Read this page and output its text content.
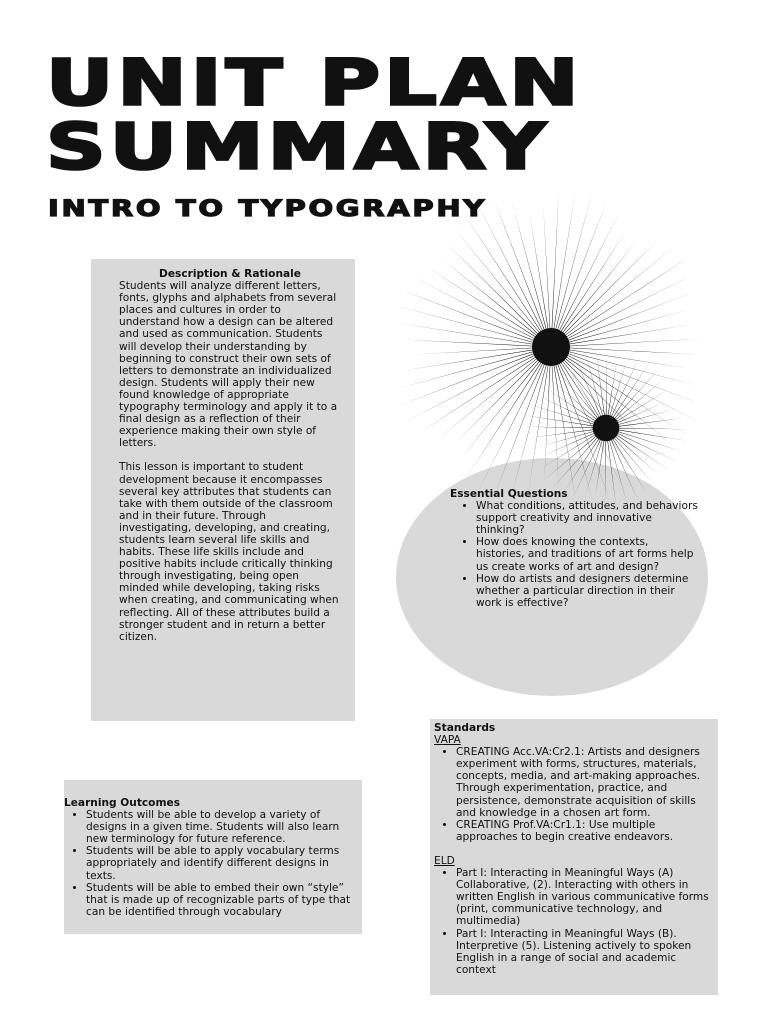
UNIT PLAN
SUMMARY
INTRO TO TYPOGRAPHY
Description & Rationale

Students will analyze different letters, fonts, glyphs and alphabets from several places and cultures in order to understand how a design can be altered and used as communication. Students will develop their understanding by beginning to construct their own sets of letters to demonstrate an individualized design. Students will apply their new found knowledge of appropriate typography terminology and apply it to a final design as a reflection of their experience making their own style of letters.

This lesson is important to student development because it encompasses several key attributes that students can take with them outside of the classroom and in their future. Through investigating, developing, and creating, students learn several life skills and habits. These life skills include and positive habits include critically thinking through investigating, being open minded while developing, taking risks when creating, and communicating when reflecting. All of these attributes build a stronger student and in return a better citizen.

Essential Questions
• What conditions, attitudes, and behaviors support creativity and innovative thinking?
• How does knowing the contexts, histories, and traditions of art forms help us create works of art and design?
• How do artists and designers determine whether a particular direction in their work is effective?
Learning Outcomes
• Students will be able to develop a variety of designs in a given time. Students will also learn new terminology for future reference.
• Students will be able to apply vocabulary terms appropriately and identify different designs in texts.
• Students will be able to embed their own “style” that is made up of recognizable parts of type that can be identified through vocabulary
Standards
VAPA
• CREATING Acc.VA:Cr2.1: Artists and designers experiment with forms, structures, materials, concepts, media, and art-making approaches. Through experimentation, practice, and persistence, demonstrate acquisition of skills and knowledge in a chosen art form.
• CREATING Prof.VA:Cr1.1: Use multiple approaches to begin creative endeavors.
ELD
• Part I: Interacting in Meaningful Ways (A) Collaborative, (2). Interacting with others in written English in various communicative forms (print, communicative technology, and multimedia)
• Part I: Interacting in Meaningful Ways (B). Interpretive (5). Listening actively to spoken English in a range of social and academic context
